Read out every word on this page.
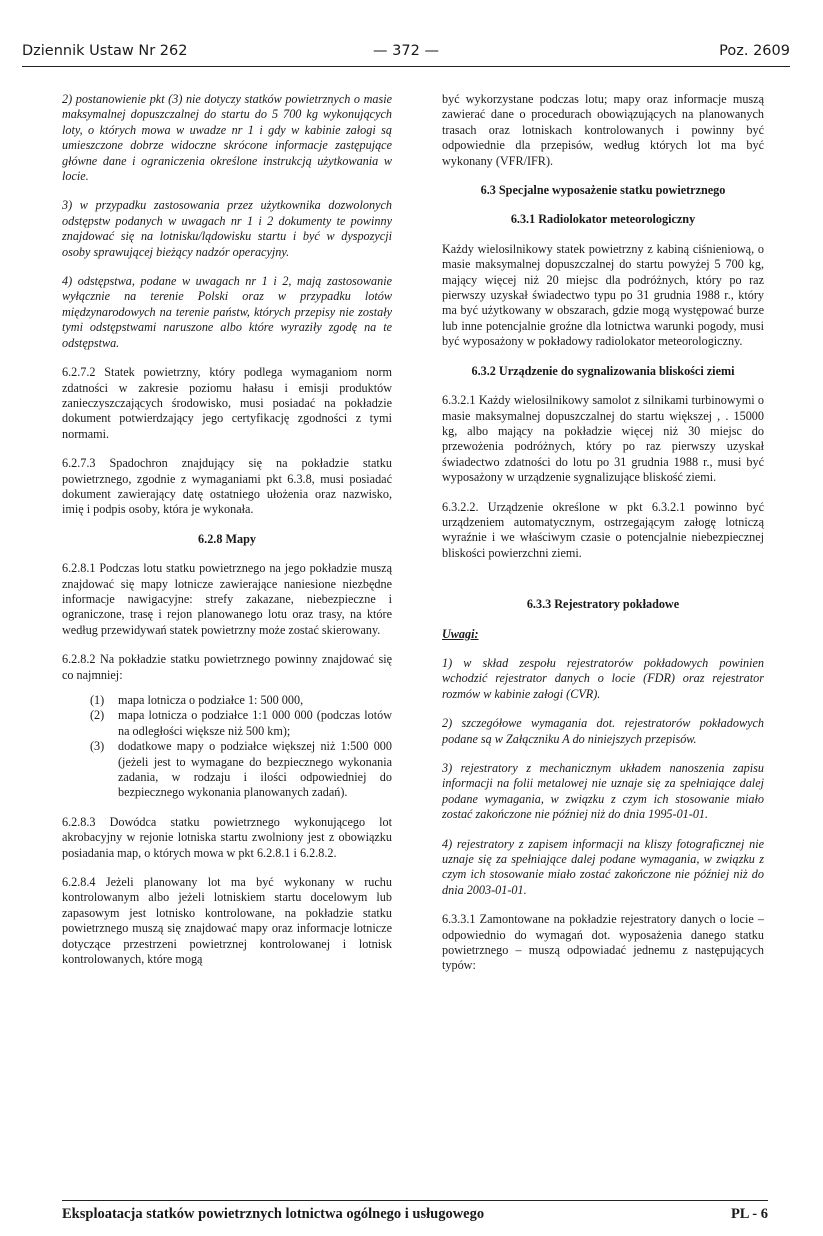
Dziennik Ustaw Nr 262	— 372 —	Poz. 2609

2) postanowienie pkt (3) nie dotyczy statków powietrznych o masie maksymalnej dopuszczalnej do startu do 5 700 kg wykonujących loty, o których mowa w uwadze nr 1 i gdy w kabinie załogi są umieszczone dobrze widoczne skrócone informacje zastępujące główne dane i ograniczenia określone instrukcją użytkowania w locie.

3) w przypadku zastosowania przez użytkownika dozwolonych odstępstw podanych w uwagach nr 1 i 2 dokumenty te powinny znajdować się na lotnisku/lądowisku startu i być w dyspozycji osoby sprawującej bieżący nadzór operacyjny.

4) odstępstwa, podane w uwagach nr 1 i 2, mają zastosowanie wyłącznie na terenie Polski oraz w przypadku lotów międzynarodowych na terenie państw, których przepisy nie zostały tymi odstępstwami naruszone albo które wyraziły zgodę na te odstępstwa.

6.2.7.2 Statek powietrzny, który podlega wymaganiom norm zdatności w zakresie poziomu hałasu i emisji produktów zanieczyszczających środowisko, musi posiadać na pokładzie dokument potwierdzający jego certyfikację zgodności z tymi normami.

6.2.7.3 Spadochron znajdujący się na pokładzie statku powietrznego, zgodnie z wymaganiami pkt 6.3.8, musi posiadać dokument zawierający datę ostatniego ułożenia oraz nazwisko, imię i podpis osoby, która je wykonała.

6.2.8 Mapy

6.2.8.1 Podczas lotu statku powietrznego na jego pokładzie muszą znajdować się mapy lotnicze zawierające naniesione niezbędne informacje nawigacyjne: strefy zakazane, niebezpieczne i ograniczone, trasę i rejon planowanego lotu oraz trasy, na które według przewidywań statek powietrzny może zostać skierowany.

6.2.8.2 Na pokładzie statku powietrznego powinny znajdować się co najmniej:

(1) mapa lotnicza o podziałce 1: 500 000,
(2) mapa lotnicza o podziałce 1:1 000 000 (podczas lotów na odległości większe niż 500 km);
(3) dodatkowe mapy o podziałce większej niż 1:500 000 (jeżeli jest to wymagane do bezpiecznego wykonania zadania, w rodzaju i ilości odpowiedniej do bezpiecznego wykonania planowanych zadań).

6.2.8.3 Dowódca statku powietrznego wykonującego lot akrobacyjny w rejonie lotniska startu zwolniony jest z obowiązku posiadania map, o których mowa w pkt 6.2.8.1 i 6.2.8.2.

6.2.8.4 Jeżeli planowany lot ma być wykonany w ruchu kontrolowanym albo jeżeli lotniskiem startu docelowym lub zapasowym jest lotnisko kontrolowane, na pokładzie statku powietrznego muszą się znajdować mapy oraz informacje lotnicze dotyczące przestrzeni powietrznej kontrolowanej i lotnisk kontrolowanych, które mogą

być wykorzystane podczas lotu; mapy oraz informacje muszą zawierać dane o procedurach obowiązujących na planowanych trasach oraz lotniskach kontrolowanych i powinny być odpowiednie dla przepisów, według których lot ma być wykonany (VFR/IFR).

6.3 Specjalne wyposażenie statku powietrznego
6.3.1 Radiolokator meteorologiczny

Każdy wielosilnikowy statek powietrzny z kabiną ciśnieniową, o masie maksymalnej dopuszczalnej do startu powyżej 5 700 kg, mający więcej niż 20 miejsc dla podróżnych, który po raz pierwszy uzyskał świadectwo typu po 31 grudnia 1988 r., który ma być użytkowany w obszarach, gdzie mogą występować burze lub inne potencjalnie groźne dla lotnictwa warunki pogody, musi być wyposażony w pokładowy radiolokator meteorologiczny.

6.3.2 Urządzenie do sygnalizowania bliskości ziemi

6.3.2.1 Każdy wielosilnikowy samolot z silnikami turbinowymi o masie maksymalnej dopuszczalnej do startu większej , . 15000 kg, albo mający na pokładzie więcej niż 30 miejsc do przewożenia podróżnych, który po raz pierwszy uzyskał świadectwo zdatności do lotu po 31 grudnia 1988 r., musi być wyposażony w urządzenie sygnalizujące bliskość ziemi.

6.3.2.2. Urządzenie określone w pkt 6.3.2.1 powinno być urządzeniem automatycznym, ostrzegającym załogę lotniczą wyraźnie i we właściwym czasie o potencjalnie niebezpiecznej bliskości powierzchni ziemi.

6.3.3 Rejestratory pokładowe
Uwagi:

1) w skład zespołu rejestratorów pokładowych powinien wchodzić rejestrator danych o locie (FDR) oraz rejestrator rozmów w kabinie załogi (CVR).

2) szczegółowe wymagania dot. rejestratorów pokładowych podane są w Załączniku A do niniejszych przepisów.

3) rejestratory z mechanicznym układem nanoszenia zapisu informacji na folii metalowej nie uznaje się za spełniające dalej podane wymagania, w związku z czym ich stosowanie miało zostać zakończone nie później niż do dnia 1995-01-01.

4) rejestratory z zapisem informacji na kliszy fotograficznej nie uznaje się za spełniające dalej podane wymagania, w związku z czym ich stosowanie miało zostać zakończone nie później niż do dnia 2003-01-01.

6.3.3.1 Zamontowane na pokładzie rejestratory danych o locie – odpowiednio do wymagań dot. wyposażenia danego statku powietrznego – muszą odpowiadać jednemu z następujących typów:

Eksploatacja statków powietrznych lotnictwa ogólnego i usługowego	PL - 6
